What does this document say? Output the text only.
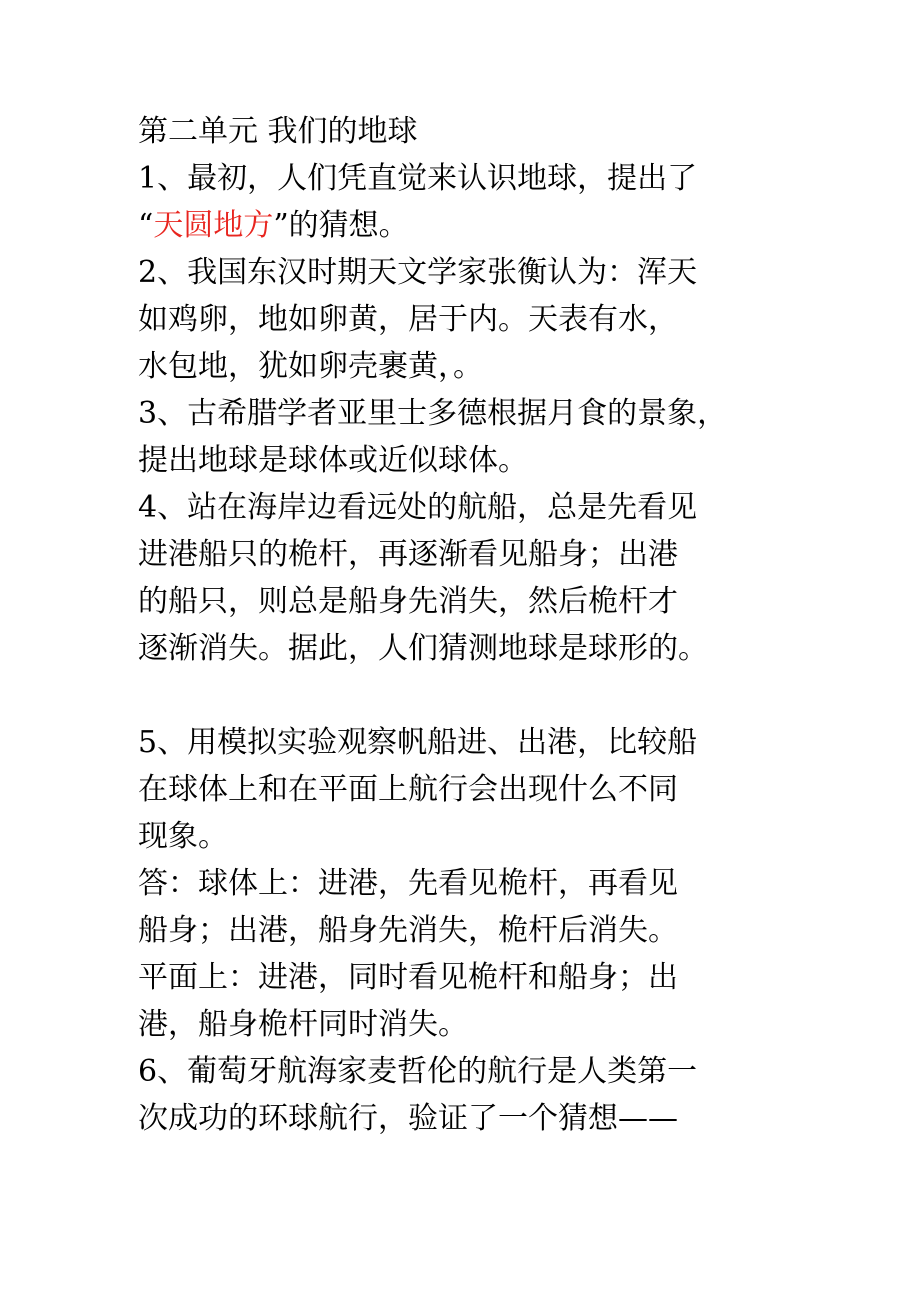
第二单元 我们的地球
1、最初，人们凭直觉来认识地球，提出了
“天圆地方”的猜想。
2、我国东汉时期天文学家张衡认为：浑天
如鸡卵，地如卵黄，居于内。天表有水，
水包地，犹如卵壳裹黄，。
3、古希腊学者亚里士多德根据月食的景象，
提出地球是球体或近似球体。
4、站在海岸边看远处的航船，总是先看见
进港船只的桅杆，再逐渐看见船身；出港
的船只，则总是船身先消失，然后桅杆才
逐渐消失。据此，人们猜测地球是球形的。
5、用模拟实验观察帆船进、出港，比较船
在球体上和在平面上航行会出现什么不同
现象。
答：球体上：进港，先看见桅杆，再看见
船身；出港，船身先消失，桅杆后消失。
平面上：进港，同时看见桅杆和船身；出
港，船身桅杆同时消失。
6、葡萄牙航海家麦哲伦的航行是人类第一
次成功的环球航行，验证了一个猜想——
